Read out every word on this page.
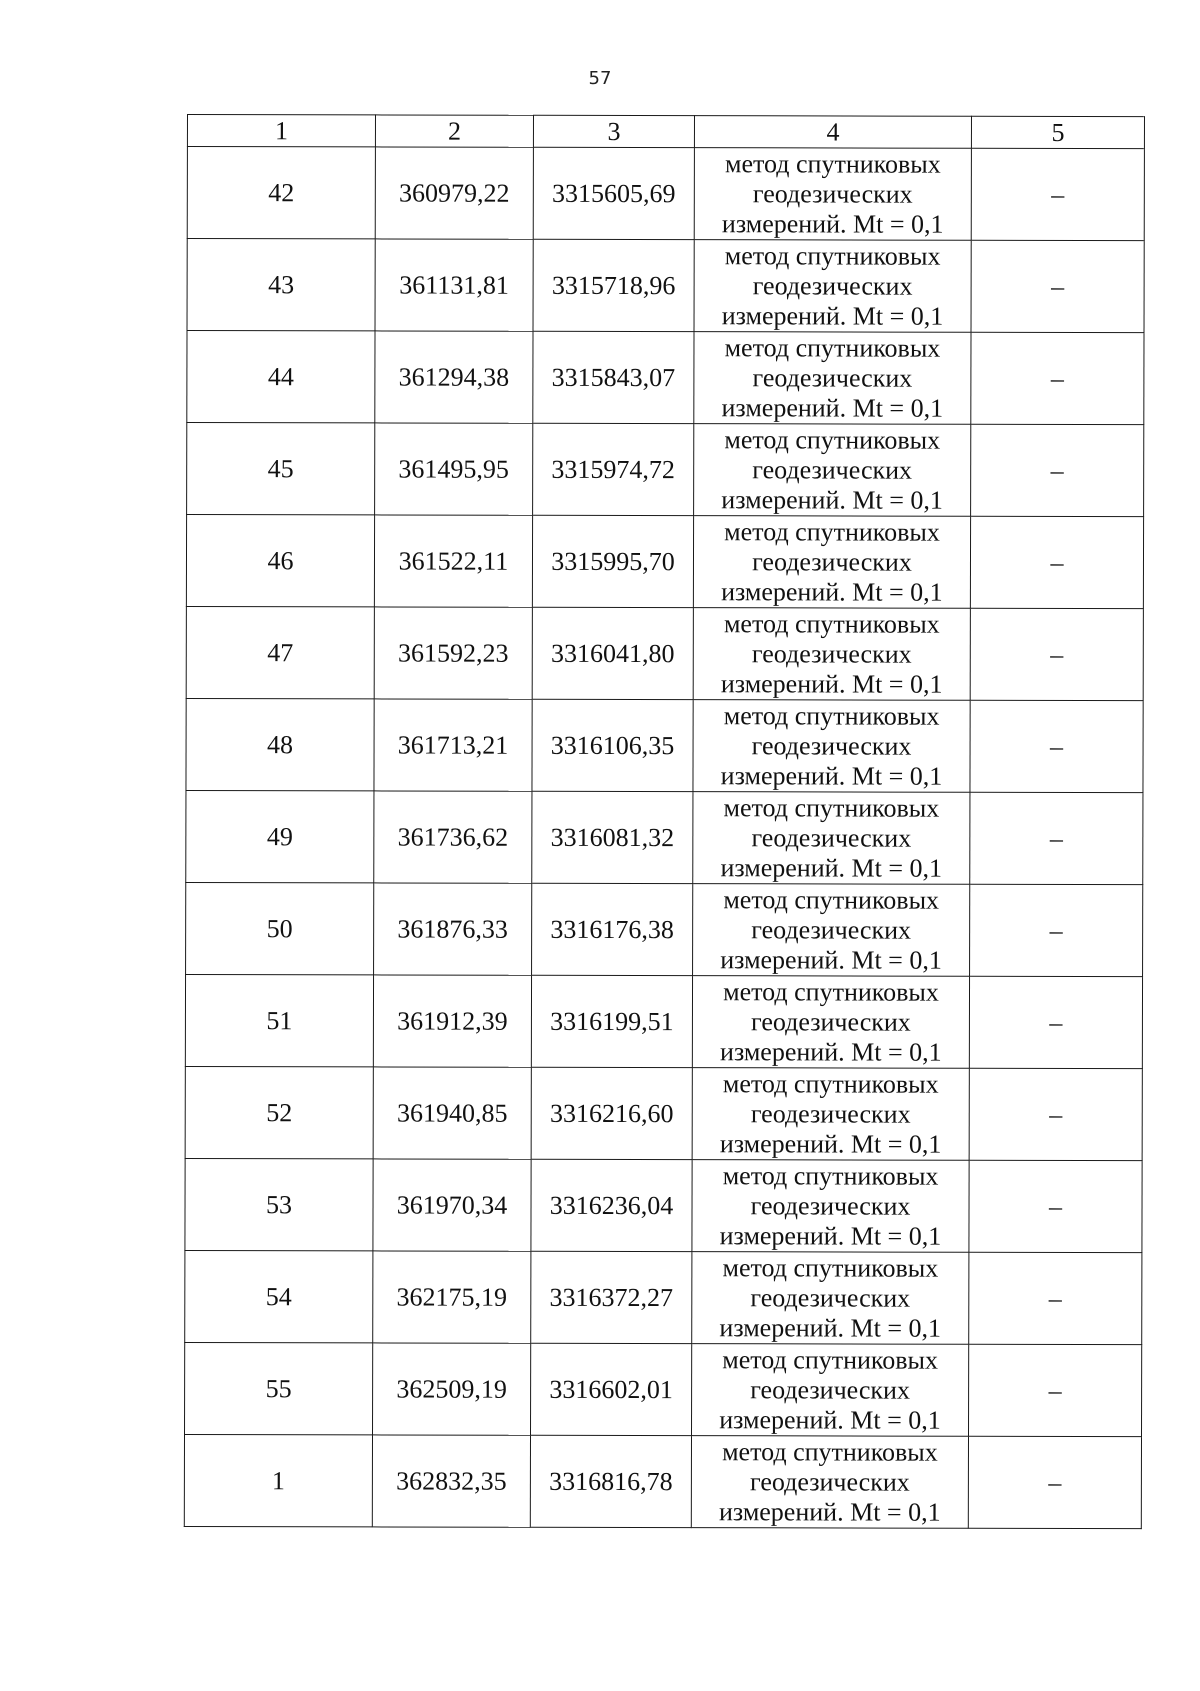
57
1	2	3	4	5
42	360979,22	3315605,69	метод спутниковых
геодезических
измерений. Mt = 0,1	–
43	361131,81	3315718,96	метод спутниковых
геодезических
измерений. Mt = 0,1	–
44	361294,38	3315843,07	метод спутниковых
геодезических
измерений. Mt = 0,1	–
45	361495,95	3315974,72	метод спутниковых
геодезических
измерений. Mt = 0,1	–
46	361522,11	3315995,70	метод спутниковых
геодезических
измерений. Mt = 0,1	–
47	361592,23	3316041,80	метод спутниковых
геодезических
измерений. Mt = 0,1	–
48	361713,21	3316106,35	метод спутниковых
геодезических
измерений. Mt = 0,1	–
49	361736,62	3316081,32	метод спутниковых
геодезических
измерений. Mt = 0,1	–
50	361876,33	3316176,38	метод спутниковых
геодезических
измерений. Mt = 0,1	–
51	361912,39	3316199,51	метод спутниковых
геодезических
измерений. Mt = 0,1	–
52	361940,85	3316216,60	метод спутниковых
геодезических
измерений. Mt = 0,1	–
53	361970,34	3316236,04	метод спутниковых
геодезических
измерений. Mt = 0,1	–
54	362175,19	3316372,27	метод спутниковых
геодезических
измерений. Mt = 0,1	–
55	362509,19	3316602,01	метод спутниковых
геодезических
измерений. Mt = 0,1	–
1	362832,35	3316816,78	метод спутниковых
геодезических
измерений. Mt = 0,1	–
